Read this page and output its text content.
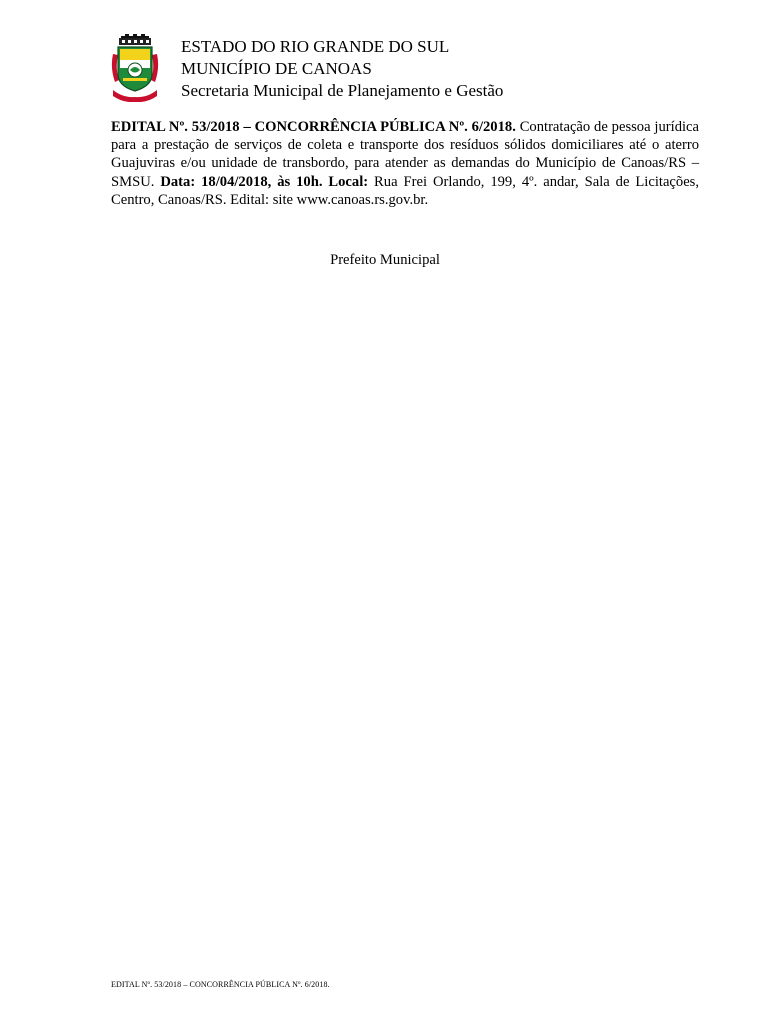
ESTADO DO RIO GRANDE DO SUL
MUNICÍPIO DE CANOAS
Secretaria Municipal de Planejamento e Gestão
EDITAL Nº. 53/2018 – CONCORRÊNCIA PÚBLICA Nº. 6/2018. Contratação de pessoa jurídica para a prestação de serviços de coleta e transporte dos resíduos sólidos domiciliares até o aterro Guajuviras e/ou unidade de transbordo, para atender as demandas do Município de Canoas/RS – SMSU. Data: 18/04/2018, às 10h. Local: Rua Frei Orlando, 199, 4º. andar, Sala de Licitações, Centro, Canoas/RS. Edital: site www.canoas.rs.gov.br.
Prefeito Municipal
EDITAL Nº. 53/2018 – CONCORRÊNCIA PÚBLICA Nº. 6/2018.
